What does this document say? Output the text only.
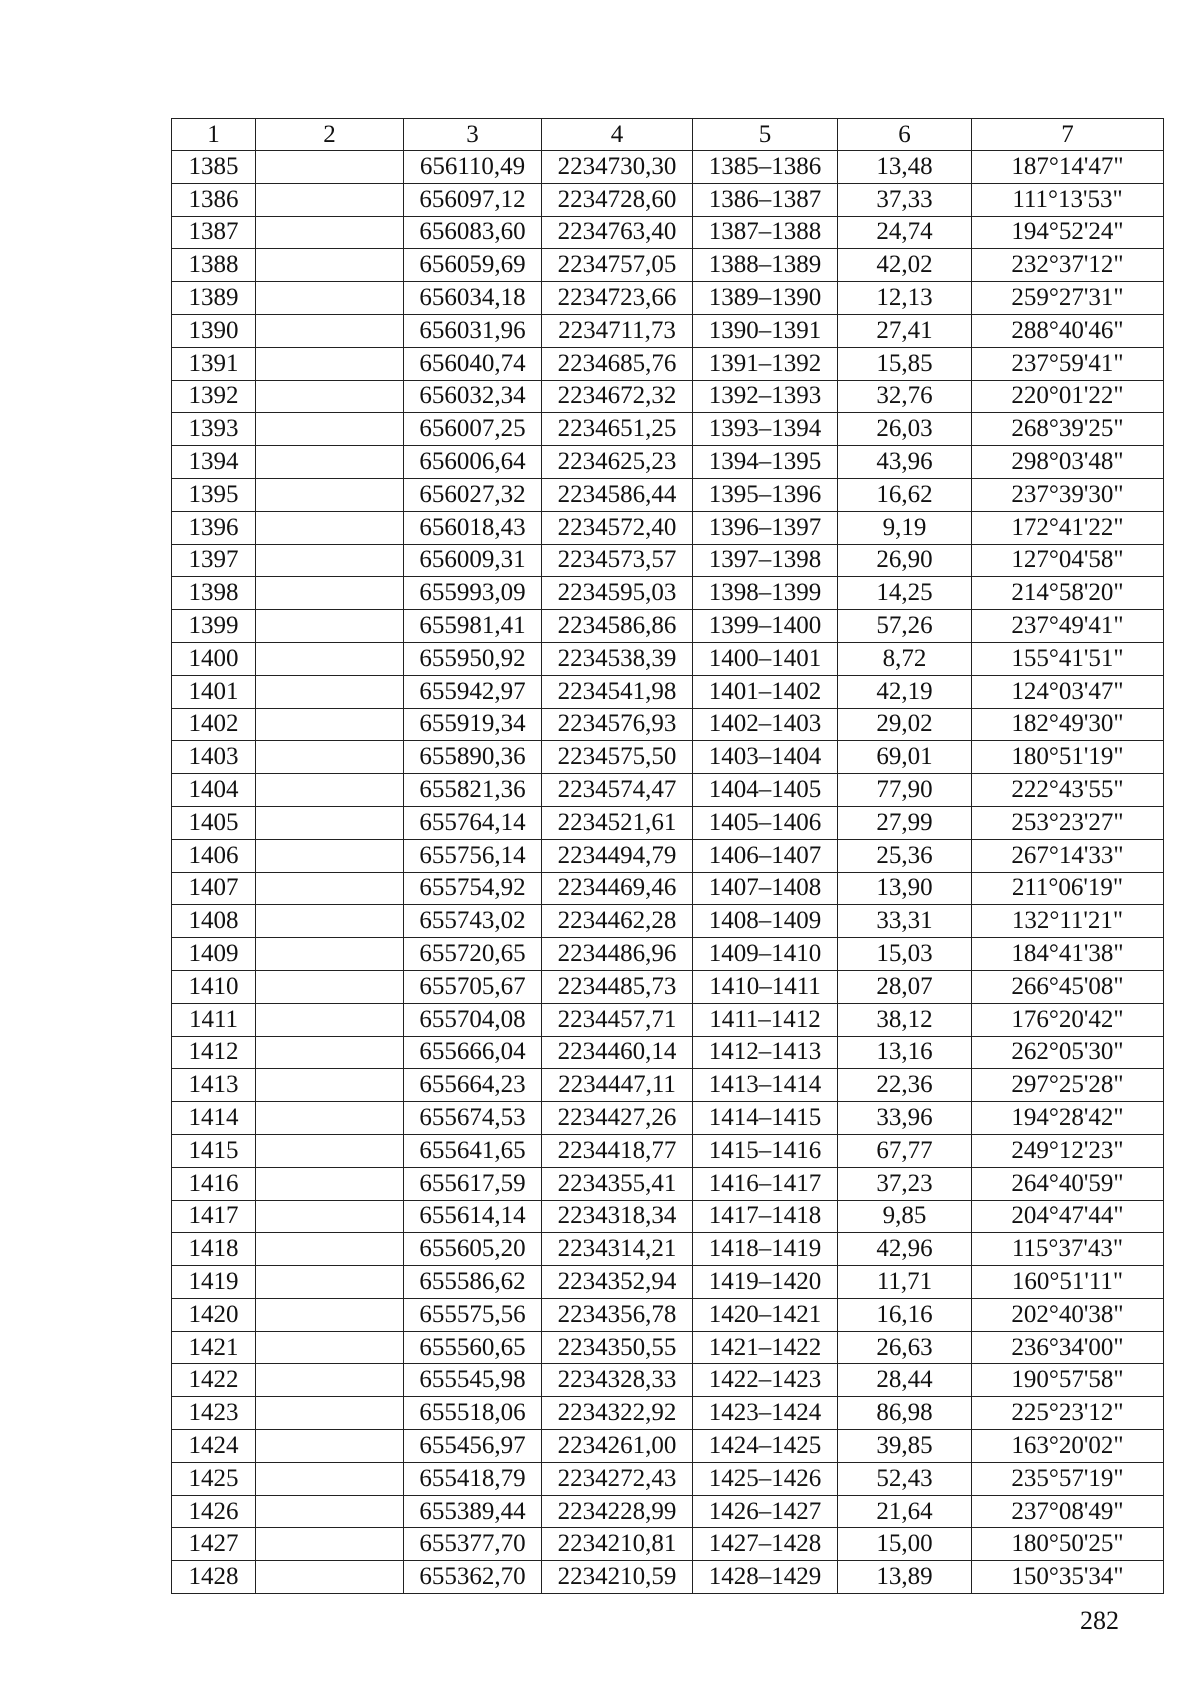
1	2	3	4	5	6	7
1385		656110,49	2234730,30	1385–1386	13,48	187°14'47"
1386		656097,12	2234728,60	1386–1387	37,33	111°13'53"
1387		656083,60	2234763,40	1387–1388	24,74	194°52'24"
1388		656059,69	2234757,05	1388–1389	42,02	232°37'12"
1389		656034,18	2234723,66	1389–1390	12,13	259°27'31"
1390		656031,96	2234711,73	1390–1391	27,41	288°40'46"
1391		656040,74	2234685,76	1391–1392	15,85	237°59'41"
1392		656032,34	2234672,32	1392–1393	32,76	220°01'22"
1393		656007,25	2234651,25	1393–1394	26,03	268°39'25"
1394		656006,64	2234625,23	1394–1395	43,96	298°03'48"
1395		656027,32	2234586,44	1395–1396	16,62	237°39'30"
1396		656018,43	2234572,40	1396–1397	9,19	172°41'22"
1397		656009,31	2234573,57	1397–1398	26,90	127°04'58"
1398		655993,09	2234595,03	1398–1399	14,25	214°58'20"
1399		655981,41	2234586,86	1399–1400	57,26	237°49'41"
1400		655950,92	2234538,39	1400–1401	8,72	155°41'51"
1401		655942,97	2234541,98	1401–1402	42,19	124°03'47"
1402		655919,34	2234576,93	1402–1403	29,02	182°49'30"
1403		655890,36	2234575,50	1403–1404	69,01	180°51'19"
1404		655821,36	2234574,47	1404–1405	77,90	222°43'55"
1405		655764,14	2234521,61	1405–1406	27,99	253°23'27"
1406		655756,14	2234494,79	1406–1407	25,36	267°14'33"
1407		655754,92	2234469,46	1407–1408	13,90	211°06'19"
1408		655743,02	2234462,28	1408–1409	33,31	132°11'21"
1409		655720,65	2234486,96	1409–1410	15,03	184°41'38"
1410		655705,67	2234485,73	1410–1411	28,07	266°45'08"
1411		655704,08	2234457,71	1411–1412	38,12	176°20'42"
1412		655666,04	2234460,14	1412–1413	13,16	262°05'30"
1413		655664,23	2234447,11	1413–1414	22,36	297°25'28"
1414		655674,53	2234427,26	1414–1415	33,96	194°28'42"
1415		655641,65	2234418,77	1415–1416	67,77	249°12'23"
1416		655617,59	2234355,41	1416–1417	37,23	264°40'59"
1417		655614,14	2234318,34	1417–1418	9,85	204°47'44"
1418		655605,20	2234314,21	1418–1419	42,96	115°37'43"
1419		655586,62	2234352,94	1419–1420	11,71	160°51'11"
1420		655575,56	2234356,78	1420–1421	16,16	202°40'38"
1421		655560,65	2234350,55	1421–1422	26,63	236°34'00"
1422		655545,98	2234328,33	1422–1423	28,44	190°57'58"
1423		655518,06	2234322,92	1423–1424	86,98	225°23'12"
1424		655456,97	2234261,00	1424–1425	39,85	163°20'02"
1425		655418,79	2234272,43	1425–1426	52,43	235°57'19"
1426		655389,44	2234228,99	1426–1427	21,64	237°08'49"
1427		655377,70	2234210,81	1427–1428	15,00	180°50'25"
1428		655362,70	2234210,59	1428–1429	13,89	150°35'34"
282
